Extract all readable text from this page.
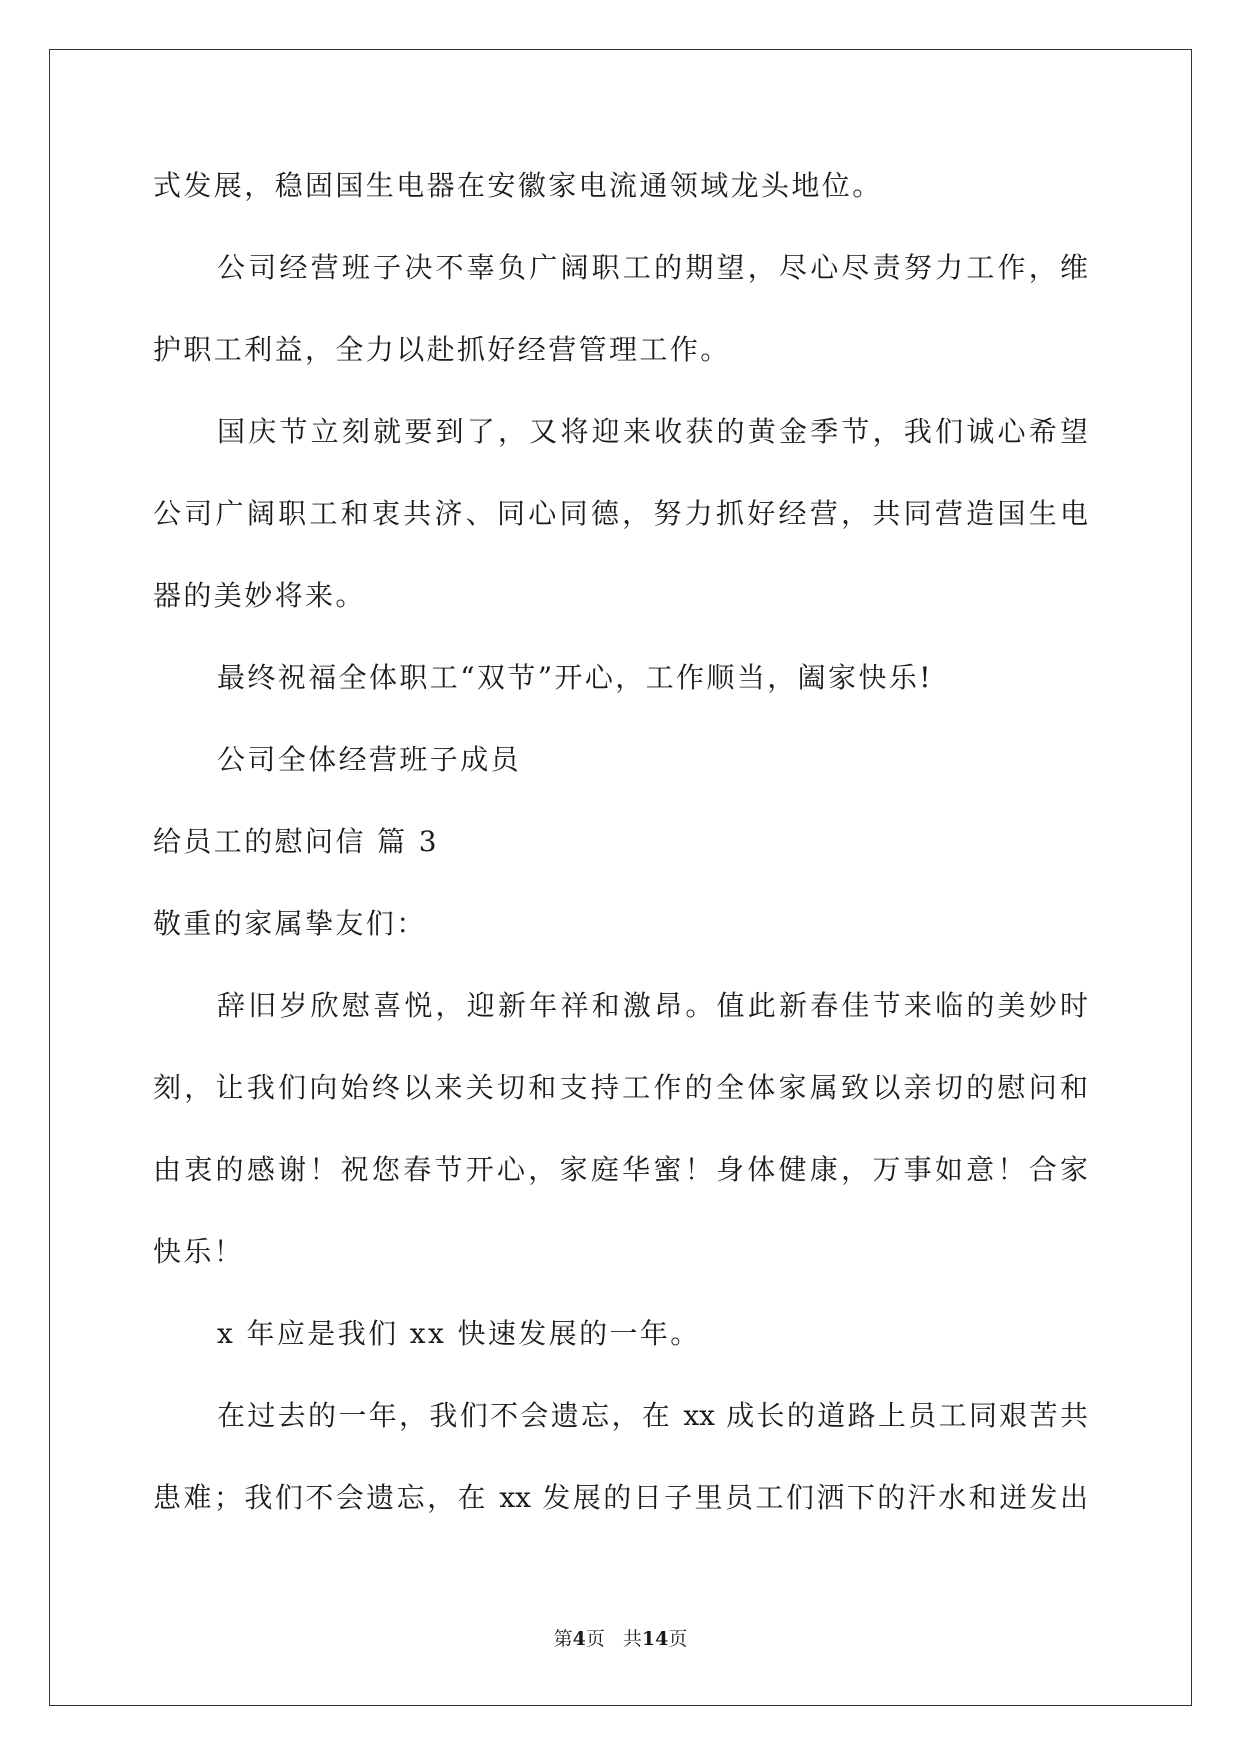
式发展，稳固国生电器在安徽家电流通领域龙头地位。
公司经营班子决不辜负广阔职工的期望，尽心尽责努力工作，维
护职工利益，全力以赴抓好经营管理工作。
国庆节立刻就要到了，又将迎来收获的黄金季节，我们诚心希望
公司广阔职工和衷共济、同心同德，努力抓好经营，共同营造国生电
器的美妙将来。
最终祝福全体职工“双节”开心，工作顺当，阖家快乐!
公司全体经营班子成员
给员工的慰问信 篇 3
敬重的家属挚友们：
辞旧岁欣慰喜悦，迎新年祥和激昂。值此新春佳节来临的美妙时
刻，让我们向始终以来关切和支持工作的全体家属致以亲切的慰问和
由衷的感谢！祝您春节开心，家庭华蜜！身体健康，万事如意！合家
快乐！
x 年应是我们 xx 快速发展的一年。
在过去的一年，我们不会遗忘，在 xx 成长的道路上员工同艰苦共
患难；我们不会遗忘，在 xx 发展的日子里员工们洒下的汗水和迸发出
第4页 共14页
